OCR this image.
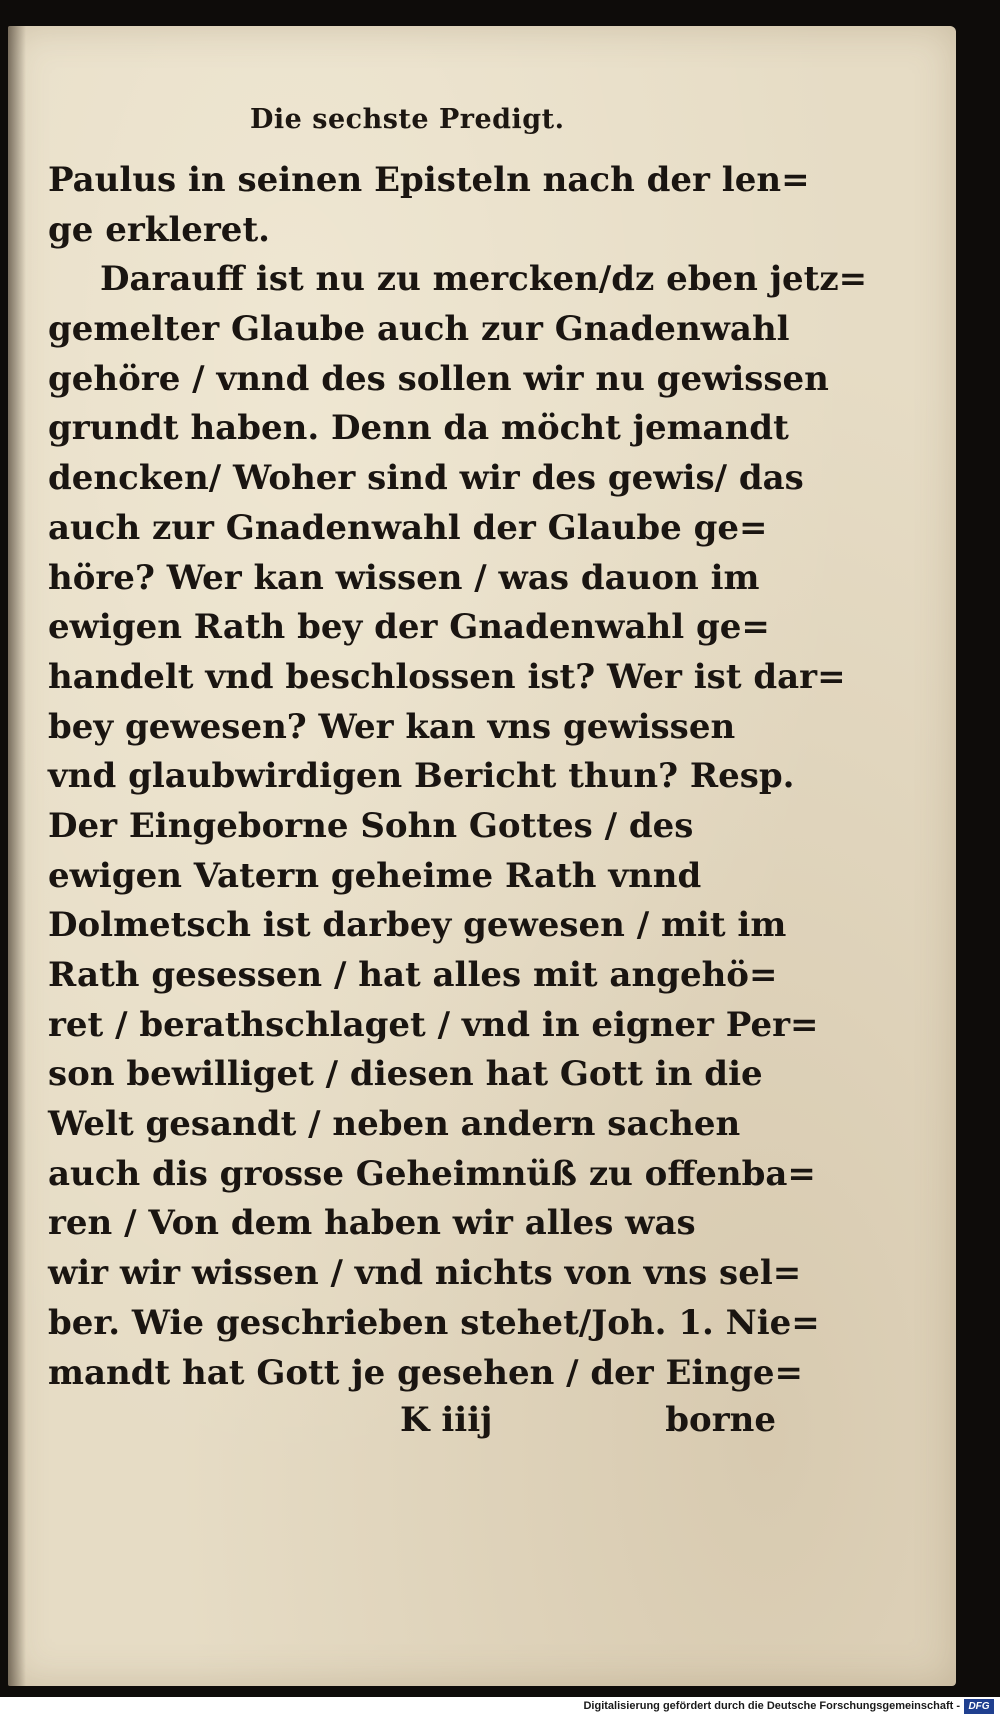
Die sechste Predigt.
Paulus in seinen Episteln nach der len=
ge erkleret.
Darauff ist nu zu mercken/dz eben jetz=
gemelter Glaube auch zur Gnadenwahl
gehöre / vnnd des sollen wir nu gewissen
grundt haben. Denn da möcht jemandt
dencken/ Woher sind wir des gewis/ das
auch zur Gnadenwahl der Glaube ge=
höre? Wer kan wissen / was dauon im
ewigen Rath bey der Gnadenwahl ge=
handelt vnd beschlossen ist? Wer ist dar=
bey gewesen? Wer kan vns gewissen
vnd glaubwirdigen Bericht thun? Resp.
Der Eingeborne Sohn Gottes / des
ewigen Vatern geheime Rath vnnd
Dolmetsch ist darbey gewesen / mit im
Rath gesessen / hat alles mit angehö=
ret / berathschlaget / vnd in eigner Per=
son bewilliget / diesen hat Gott in die
Welt gesandt / neben andern sachen
auch dis grosse Geheimnüß zu offenba=
ren / Von dem haben wir alles was
wir wir wissen / vnd nichts von vns sel=
ber. Wie geschrieben stehet/Joh. 1. Nie=
mandt hat Gott je gesehen / der Einge=
K iiij	borne
Digitalisierung gefördert durch die Deutsche Forschungsgemeinschaft - DFG
